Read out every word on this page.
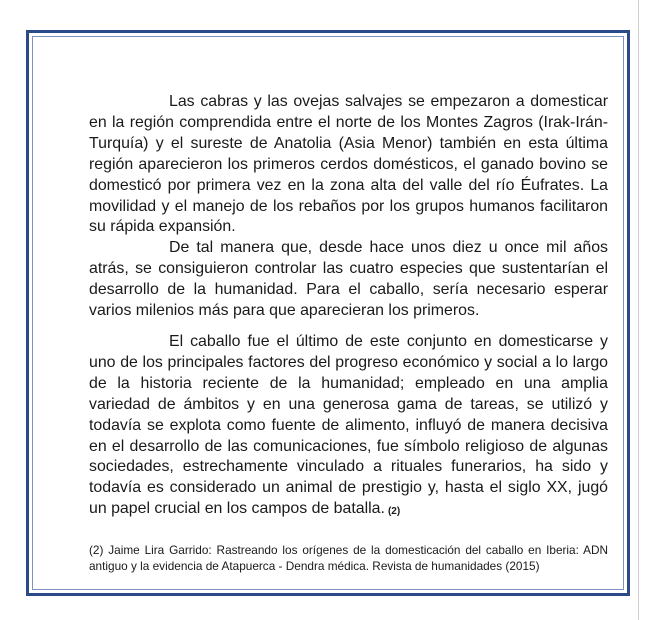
Las cabras y las ovejas salvajes se empezaron a domesticar en la región comprendida entre el norte de los Montes Zagros (Irak-Irán-Turquía) y el sureste de Anatolia (Asia Menor) también en esta última región aparecieron los primeros cerdos domésticos, el ganado bovino se domesticó por primera vez en la zona alta del valle del río Éufrates. La movilidad y el manejo de los rebaños por los grupos humanos facilitaron su rápida expansión.

De tal manera que, desde hace unos diez u once mil años atrás, se consiguieron controlar las cuatro especies que sustentarían el desarrollo de la humanidad. Para el caballo, sería necesario esperar varios milenios más para que aparecieran los primeros.

El caballo fue el último de este conjunto en domesticarse y uno de los principales factores del progreso económico y social a lo largo de la historia reciente de la humanidad; empleado en una amplia variedad de ámbitos y en una generosa gama de tareas, se utilizó y todavía se explota como fuente de alimento, influyó de manera decisiva en el desarrollo de las comunicaciones, fue símbolo religioso de algunas sociedades, estrechamente vinculado a rituales funerarios, ha sido y todavía es considerado un animal de prestigio y, hasta el siglo XX, jugó un papel crucial en los campos de batalla. (2)

(2) Jaime Lira Garrido: Rastreando los orígenes de la domesticación del caballo en Iberia: ADN antiguo y la evidencia de Atapuerca - Dendra médica. Revista de humanidades (2015)
